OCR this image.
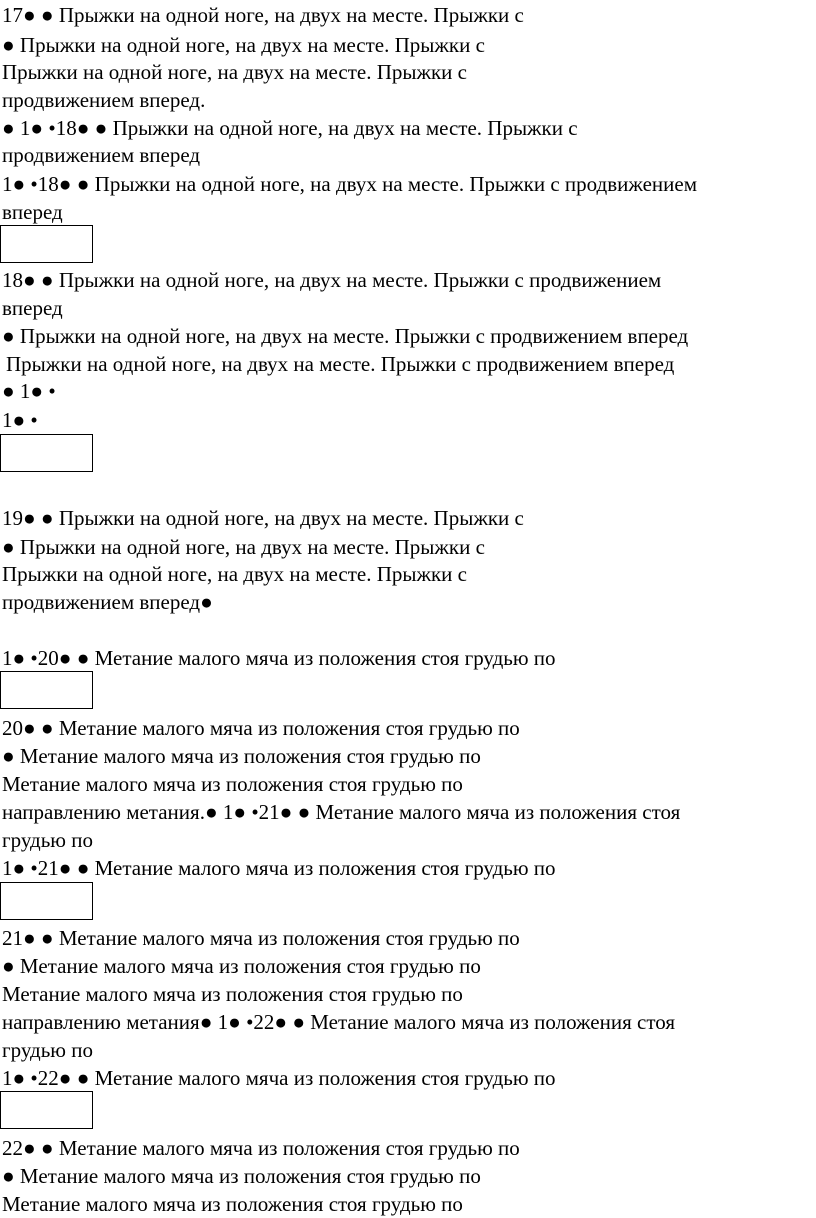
17● ● Прыжки на одной ноге, на двух на месте. Прыжки с
● Прыжки на одной ноге, на двух на месте. Прыжки с
Прыжки на одной ноге, на двух на месте. Прыжки с
продвижением вперед.
● 1● •18● ● Прыжки на одной ноге, на двух на месте. Прыжки с
продвижением вперед
1● •18● ● Прыжки на одной ноге, на двух на месте. Прыжки с продвижением
вперед
18● ● Прыжки на одной ноге, на двух на месте. Прыжки с продвижением
вперед
● Прыжки на одной ноге, на двух на месте. Прыжки с продвижением вперед
Прыжки на одной ноге, на двух на месте. Прыжки с продвижением вперед
● 1● •
1● •
19● ● Прыжки на одной ноге, на двух на месте. Прыжки с
● Прыжки на одной ноге, на двух на месте. Прыжки с
Прыжки на одной ноге, на двух на месте. Прыжки с
продвижением вперед●
1● •20● ● Метание малого мяча из положения стоя грудью по
20● ● Метание малого мяча из положения стоя грудью по
● Метание малого мяча из положения стоя грудью по
Метание малого мяча из положения стоя грудью по
направлению метания.● 1● •21● ● Метание малого мяча из положения стоя
грудью по
1● •21● ● Метание малого мяча из положения стоя грудью по
21● ● Метание малого мяча из положения стоя грудью по
● Метание малого мяча из положения стоя грудью по
Метание малого мяча из положения стоя грудью по
направлению метания● 1● •22● ● Метание малого мяча из положения стоя
грудью по
1● •22● ● Метание малого мяча из положения стоя грудью по
22● ● Метание малого мяча из положения стоя грудью по
● Метание малого мяча из положения стоя грудью по
Метание малого мяча из положения стоя грудью по
